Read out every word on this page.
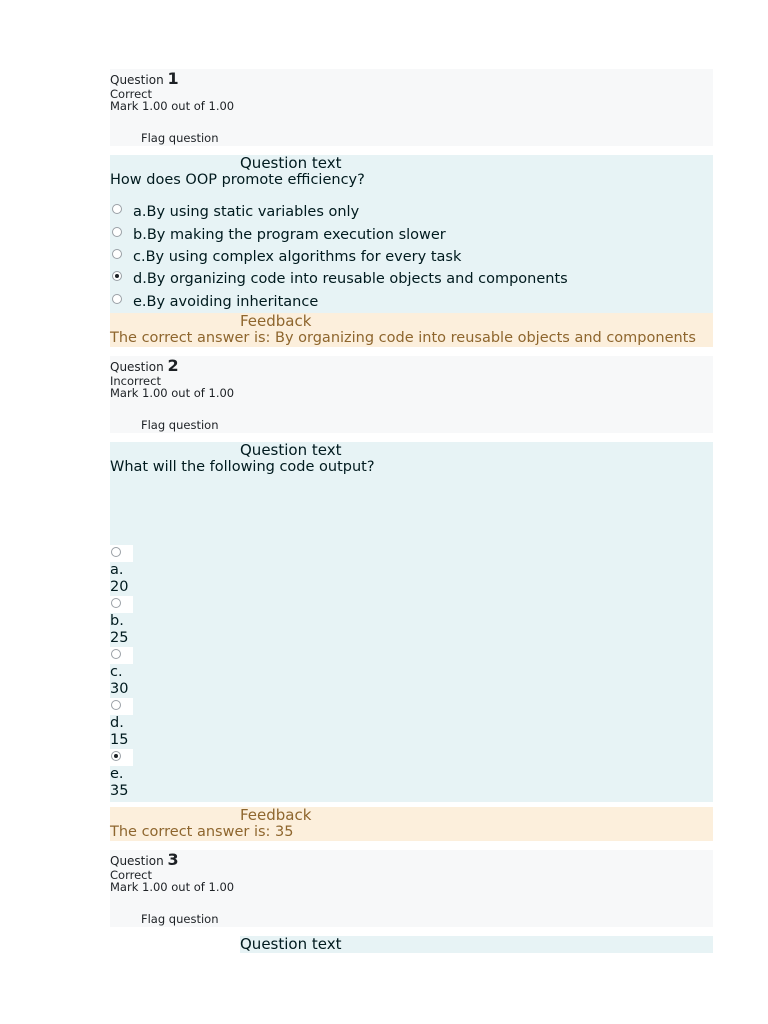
Question 1
Correct
Mark 1.00 out of 1.00
Flag question
Question text
How does OOP promote efficiency?
a.By using static variables only
b.By making the program execution slower
c.By using complex algorithms for every task
d.By organizing code into reusable objects and components
e.By avoiding inheritance
Feedback
The correct answer is: By organizing code into reusable objects and components
Question 2
Incorrect
Mark 1.00 out of 1.00
Flag question
Question text
What will the following code output?
a.
20
b.
25
c.
30
d.
15
e.
35
Feedback
The correct answer is: 35
Question 3
Correct
Mark 1.00 out of 1.00
Flag question
Question text
